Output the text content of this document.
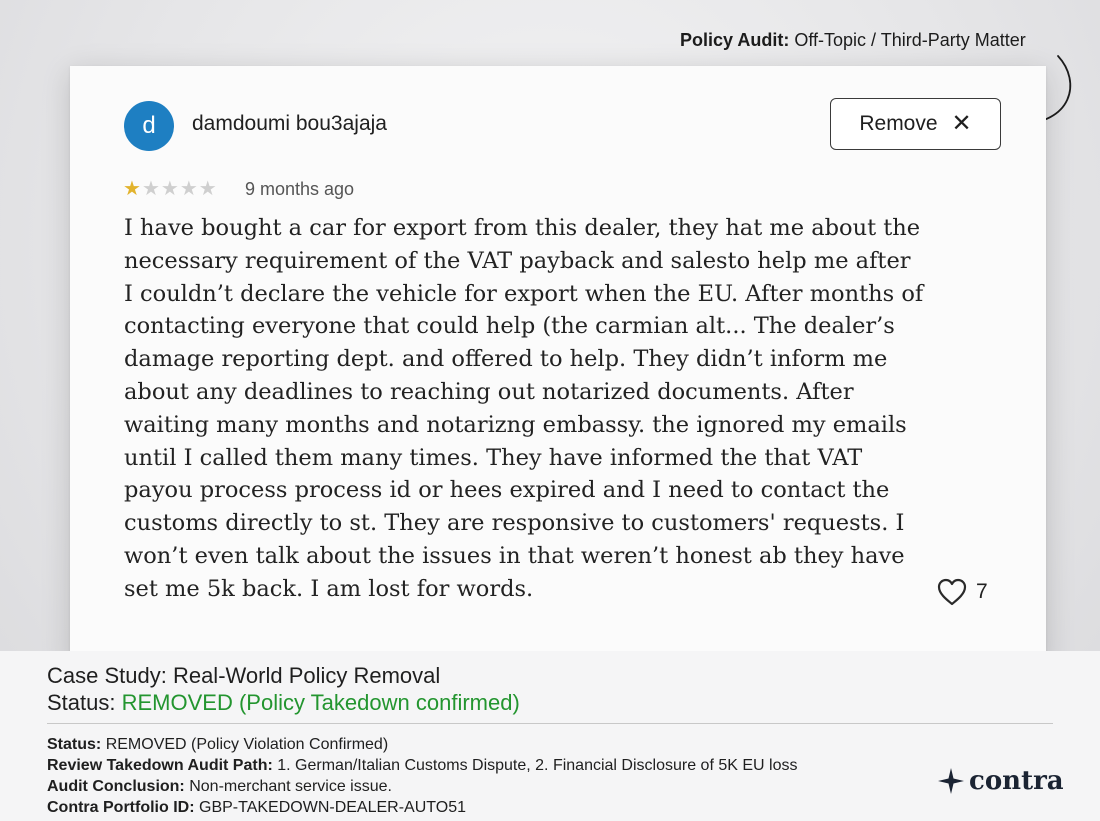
Policy Audit: Off-Topic / Third-Party Matter
d	damdoumi bou3ajaja	Remove ✕
★★★★★ 9 months ago
I have bought a car for export from this dealer, they hat me about the
necessary requirement of the VAT payback and salesto help me after
I couldn’t declare the vehicle for export when the EU. After months of
contacting everyone that could help (the carmian alt... The dealer’s
damage reporting dept. and offered to help. They didn’t inform me
about any deadlines to reaching out notarized documents. After
waiting many months and notarizng embassy. the ignored my emails
until I called them many times. They have informed the that VAT
payou process process id or hees expired and I need to contact the
customs directly to st. They are responsive to customers' requests. I
won’t even talk about the issues in that weren’t honest ab they have
set me 5k back. I am lost for words.	7
Case Study: Real-World Policy Removal
Status: REMOVED (Policy Takedown confirmed)
Status: REMOVED (Policy Violation Confirmed)
Review Takedown Audit Path: 1. German/Italian Customs Dispute, 2. Financial Disclosure of 5K EU loss
Audit Conclusion: Non-merchant service issue.
Contra Portfolio ID: GBP-TAKEDOWN-DEALER-AUTO51
contra
